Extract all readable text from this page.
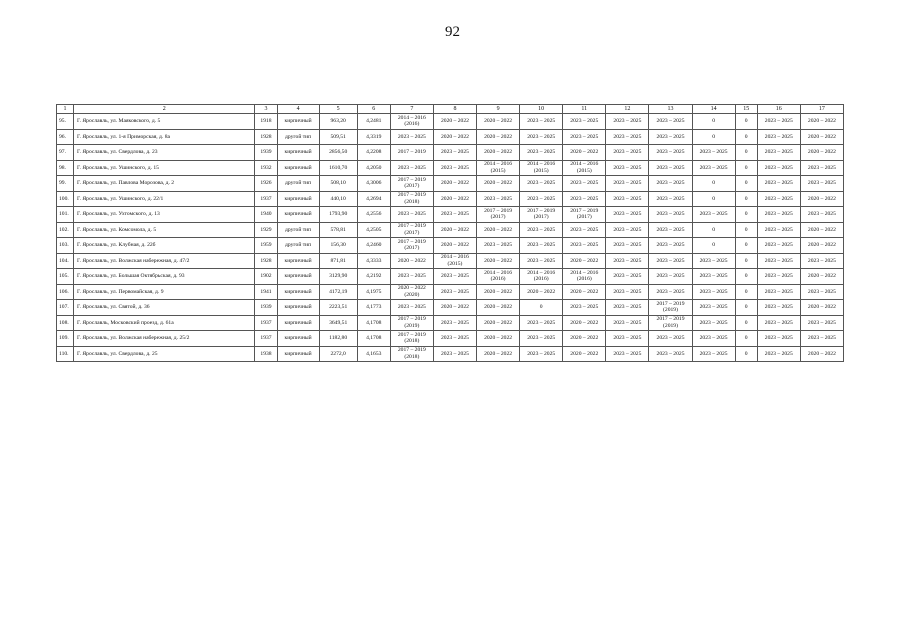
92
1	2	3	4	5	6	7	8	9	10	11	12	13	14	15	16	17
95.	Г. Ярославль, ул. Маяковского, д. 5	1918	кирпичный	963,20	4,2481	2014 – 2016 (2016)	2020 – 2022	2020 – 2022	2023 – 2025	2023 – 2025	2023 – 2025	2023 – 2025	0	0	2023 – 2025	2020 – 2022
96.	Г. Ярославль, ул. 1-я Приморская, д. 8а	1928	другой тип	509,51	4,3319	2023 – 2025	2020 – 2022	2020 – 2022	2023 – 2025	2023 – 2025	2023 – 2025	2023 – 2025	0	0	2023 – 2025	2020 – 2022
97.	Г. Ярославль, ул. Свердлова, д. 23	1939	кирпичный	2856,50	4,2208	2017 – 2019	2023 – 2025	2020 – 2022	2023 – 2025	2020 – 2022	2023 – 2025	2023 – 2025	2023 – 2025	0	2023 – 2025	2020 – 2022
98.	Г. Ярославль, ул. Ушинского, д. 15	1932	кирпичный	1610,70	4,2050	2023 – 2025	2023 – 2025	2014 – 2016 (2015)	2014 – 2016 (2015)	2014 – 2016 (2015)	2023 – 2025	2023 – 2025	2023 – 2025	0	2023 – 2025	2023 – 2025
99.	Г. Ярославль, ул. Павлова Морозова, д. 2	1926	другой тип	508,10	4,3006	2017 – 2019 (2017)	2020 – 2022	2020 – 2022	2023 – 2025	2023 – 2025	2023 – 2025	2023 – 2025	0	0	2023 – 2025	2023 – 2025
100.	Г. Ярославль, ул. Ушинского, д. 22/1	1937	кирпичный	440,10	4,2694	2017 – 2019 (2018)	2020 – 2022	2023 – 2025	2023 – 2025	2023 – 2025	2023 – 2025	2023 – 2025	0	0	2023 – 2025	2020 – 2022
101.	Г. Ярославль, ул. Ухтомского, д. 13	1940	кирпичный	1793,90	4,2556	2023 – 2025	2023 – 2025	2017 – 2019 (2017)	2017 – 2019 (2017)	2017 – 2019 (2017)	2023 – 2025	2023 – 2025	2023 – 2025	0	2023 – 2025	2023 – 2025
102.	Г. Ярославль, ул. Комсомола, д. 5	1929	другой тип	578,81	4,2505	2017 – 2019 (2017)	2020 – 2022	2020 – 2022	2023 – 2025	2023 – 2025	2023 – 2025	2023 – 2025	0	0	2023 – 2025	2020 – 2022
103.	Г. Ярославль, ул. Клубная, д. 22б	1959	другой тип	156,30	4,2460	2017 – 2019 (2017)	2020 – 2022	2023 – 2025	2023 – 2025	2023 – 2025	2023 – 2025	2023 – 2025	0	0	2023 – 2025	2020 – 2022
104.	Г. Ярославль, ул. Волжская набережная, д. 47/2	1928	кирпичный	871,81	4,3333	2020 – 2022	2014 – 2016 (2015)	2020 – 2022	2023 – 2025	2020 – 2022	2023 – 2025	2023 – 2025	2023 – 2025	0	2023 – 2025	2023 – 2025
105.	Г. Ярославль, ул. Большая Октябрьская, д. 93	1902	кирпичный	3129,90	4,2192	2023 – 2025	2023 – 2025	2014 – 2016 (2016)	2014 – 2016 (2016)	2014 – 2016 (2016)	2023 – 2025	2023 – 2025	2023 – 2025	0	2023 – 2025	2020 – 2022
106.	Г. Ярославль, ул. Первомайская, д. 9	1941	кирпичный	4172,19	4,1975	2020 – 2022 (2020)	2023 – 2025	2020 – 2022	2020 – 2022	2020 – 2022	2023 – 2025	2023 – 2025	2023 – 2025	0	2023 – 2025	2023 – 2025
107.	Г. Ярославль, ул. Святой, д. 36	1939	кирпичный	2223,51	4,1773	2023 – 2025	2020 – 2022	2020 – 2022	0	2023 – 2025	2023 – 2025	2017 – 2019 (2019)	2023 – 2025	0	2023 – 2025	2020 – 2022
108.	Г. Ярославль, Московский проезд, д. 61а	1937	кирпичный	3649,51	4,1708	2017 – 2019 (2019)	2023 – 2025	2020 – 2022	2023 – 2025	2020 – 2022	2023 – 2025	2017 – 2019 (2019)	2023 – 2025	0	2023 – 2025	2023 – 2025
109.	Г. Ярославль, ул. Волжская набережная, д. 25/2	1937	кирпичный	1182,80	4,1708	2017 – 2019 (2018)	2023 – 2025	2020 – 2022	2023 – 2025	2020 – 2022	2023 – 2025	2023 – 2025	2023 – 2025	0	2023 – 2025	2023 – 2025
110.	Г. Ярославль, ул. Свердлова, д. 25	1938	кирпичный	2272,0	4,1653	2017 – 2019 (2018)	2023 – 2025	2020 – 2022	2023 – 2025	2020 – 2022	2023 – 2025	2023 – 2025	2023 – 2025	0	2023 – 2025	2020 – 2022
